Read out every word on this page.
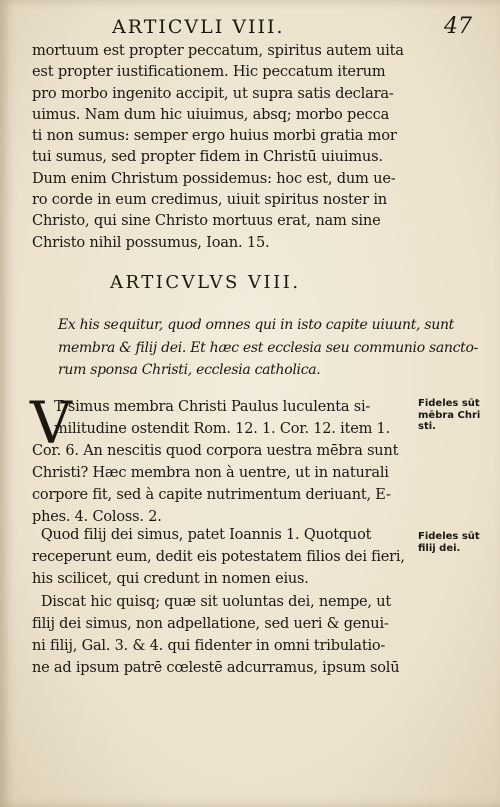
ARTICVLI VIII.	47
mortuum est propter peccatum, spiritus autem uita
est propter iustificationem. Hic peccatum iterum
pro morbo ingenito accipit, ut supra satis declara-
uimus. Nam dum hic uiuimus, absq; morbo pecca
ti non sumus: semper ergo huius morbi gratia mor
tui sumus, sed propter fidem in Christū uiuimus.
Dum enim Christum possidemus: hoc est, dum ue-
ro corde in eum credimus, uiuit spiritus noster in
Christo, qui sine Christo mortuus erat, nam sine
Christo nihil possumus, Ioan. 15.
ARTICVLVS VIII.
Ex his sequitur, quod omnes qui in isto capite uiuunt, sunt
membra & filij dei. Et hæc est ecclesia seu communio sancto-
rum sponsa Christi, ecclesia catholica.
V
T simus membra Christi Paulus luculenta si-
militudine ostendit Rom. 12. 1. Cor. 12. item 1.
Cor. 6. An nescitis quod corpora uestra mēbra sunt
Christi? Hæc membra non à uentre, ut in naturali
corpore fit, sed à capite nutrimentum deriuant, E-
phes. 4. Coloss. 2.
Quod filij dei simus, patet Ioannis 1. Quotquot
receperunt eum, dedit eis potestatem filios dei fieri,
his scilicet, qui credunt in nomen eius.
Discat hic quisq; quæ sit uoluntas dei, nempe, ut
filij dei simus, non adpellatione, sed ueri & genui-
ni filij, Gal. 3. & 4. qui fidenter in omni tribulatio-
ne ad ipsum patrē cœlestē adcurramus, ipsum solū
Fideles sūt
mēbra Chri
sti.
Fideles sūt
filij dei.
